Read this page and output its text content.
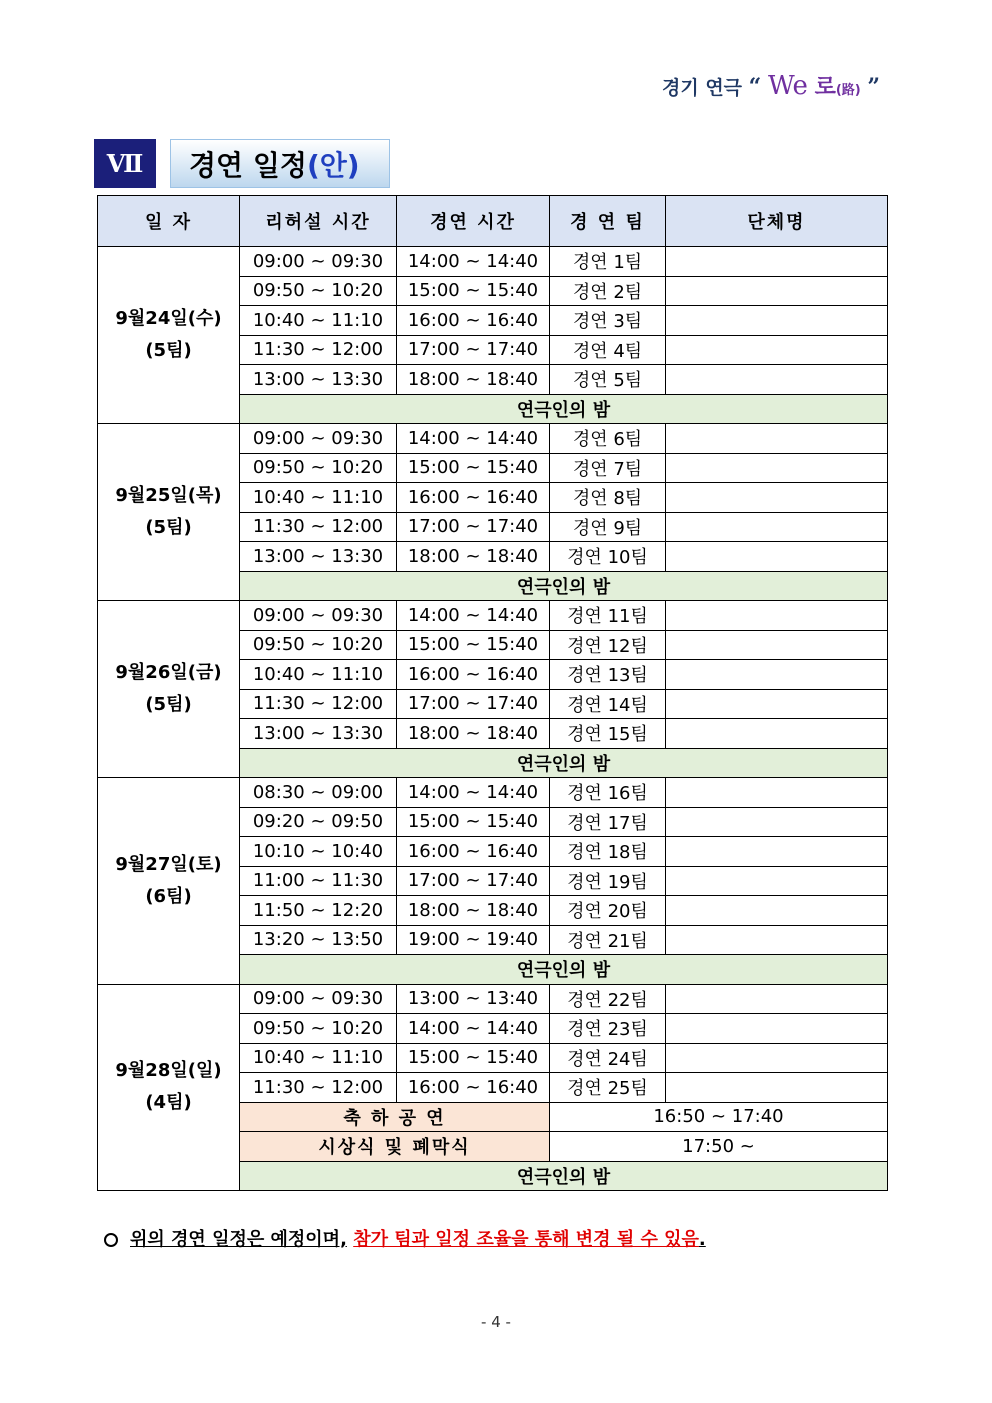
경기 연극 “ We 로(路) ”
Ⅶ	경연 일정 (안)
일 자	리허설 시간	경연 시간	경 연 팀	단체명

9월24일(수)
(5팀)	09:00 ~ 09:30	14:00 ~ 14:40	경연 1팀	
	09:50 ~ 10:20	15:00 ~ 15:40	경연 2팀	
	10:40 ~ 11:10	16:00 ~ 16:40	경연 3팀	
	11:30 ~ 12:00	17:00 ~ 17:40	경연 4팀	
	13:00 ~ 13:30	18:00 ~ 18:40	경연 5팀	
	연극인의 밤			

9월25일(목)
(5팀)	09:00 ~ 09:30	14:00 ~ 14:40	경연 6팀	
	09:50 ~ 10:20	15:00 ~ 15:40	경연 7팀	
	10:40 ~ 11:10	16:00 ~ 16:40	경연 8팀	
	11:30 ~ 12:00	17:00 ~ 17:40	경연 9팀	
	13:00 ~ 13:30	18:00 ~ 18:40	경연 10팀	
	연극인의 밤			

9월26일(금)
(5팀)	09:00 ~ 09:30	14:00 ~ 14:40	경연 11팀	
	09:50 ~ 10:20	15:00 ~ 15:40	경연 12팀	
	10:40 ~ 11:10	16:00 ~ 16:40	경연 13팀	
	11:30 ~ 12:00	17:00 ~ 17:40	경연 14팀	
	13:00 ~ 13:30	18:00 ~ 18:40	경연 15팀	
	연극인의 밤			

9월27일(토)
(6팀)	08:30 ~ 09:00	14:00 ~ 14:40	경연 16팀	
	09:20 ~ 09:50	15:00 ~ 15:40	경연 17팀	
	10:10 ~ 10:40	16:00 ~ 16:40	경연 18팀	
	11:00 ~ 11:30	17:00 ~ 17:40	경연 19팀	
	11:50 ~ 12:20	18:00 ~ 18:40	경연 20팀	
	13:20 ~ 13:50	19:00 ~ 19:40	경연 21팀	
	연극인의 밤			

9월28일(일)
(4팀)	09:00 ~ 09:30	13:00 ~ 13:40	경연 22팀	
	09:50 ~ 10:20	14:00 ~ 14:40	경연 23팀	
	10:40 ~ 11:10	15:00 ~ 15:40	경연 24팀	
	11:30 ~ 12:00	16:00 ~ 16:40	경연 25팀	
	축 하 공 연		16:50 ~ 17:40	
	시상식 및 폐막식		17:50 ~	
	연극인의 밤			
위의 경연 일정은 예정이며, 참가 팀과 일정 조율을 통해 변경 될 수 있음.
- 4 -
